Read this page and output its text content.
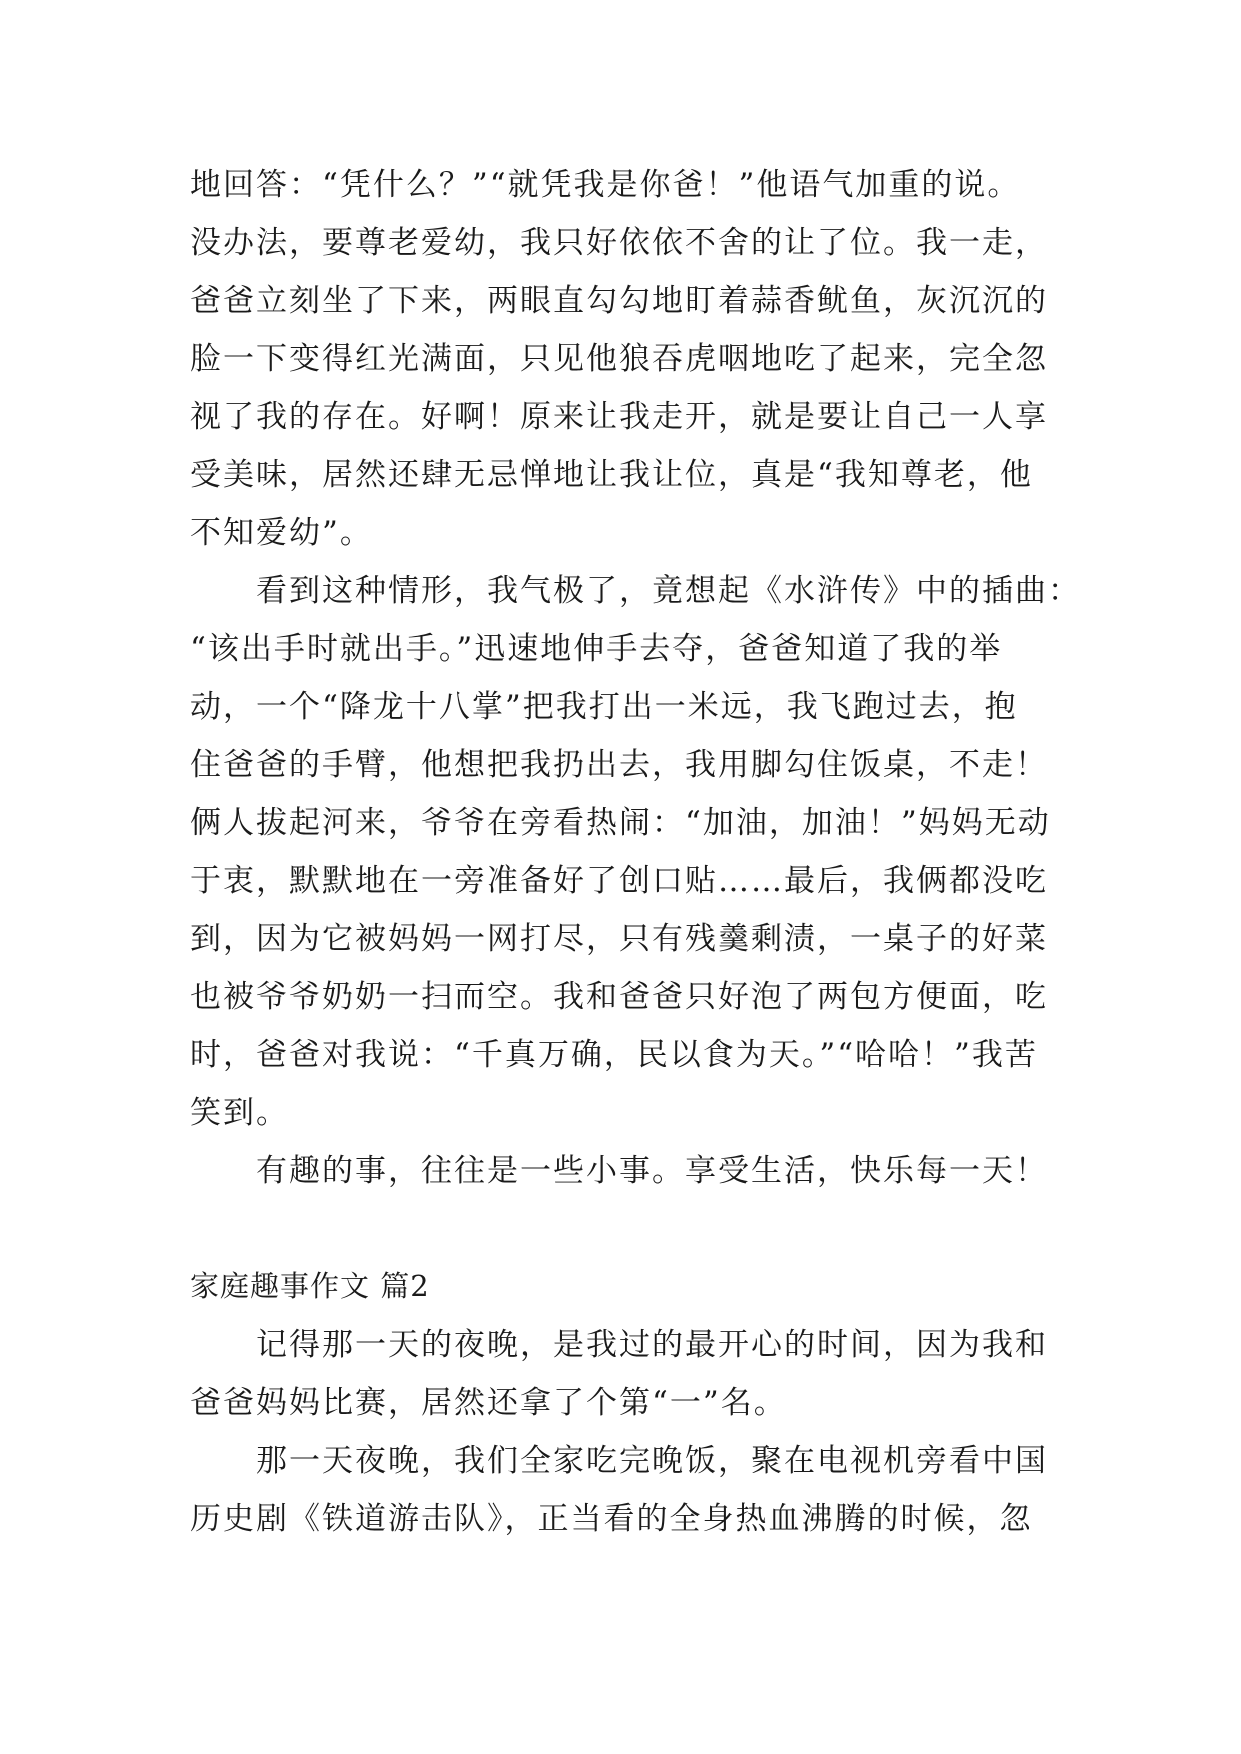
地回答：“凭什么？”“就凭我是你爸！”他语气加重的说。
没办法，要尊老爱幼，我只好依依不舍的让了位。我一走，
爸爸立刻坐了下来，两眼直勾勾地盯着蒜香鱿鱼，灰沉沉的
脸一下变得红光满面，只见他狼吞虎咽地吃了起来，完全忽
视了我的存在。好啊！原来让我走开，就是要让自己一人享
受美味，居然还肆无忌惮地让我让位，真是“我知尊老，他
不知爱幼”。
看到这种情形，我气极了，竟想起《水浒传》中的插曲：
“该出手时就出手。”迅速地伸手去夺，爸爸知道了我的举
动，一个“降龙十八掌”把我打出一米远，我飞跑过去，抱
住爸爸的手臂，他想把我扔出去，我用脚勾住饭桌，不走！
俩人拔起河来，爷爷在旁看热闹：“加油，加油！”妈妈无动
于衷，默默地在一旁准备好了创口贴……最后，我俩都没吃
到，因为它被妈妈一网打尽，只有残羹剩渍，一桌子的好菜
也被爷爷奶奶一扫而空。我和爸爸只好泡了两包方便面，吃
时，爸爸对我说：“千真万确，民以食为天。”“哈哈！”我苦
笑到。
有趣的事，往往是一些小事。享受生活，快乐每一天！
家庭趣事作文 篇2
记得那一天的夜晚，是我过的最开心的时间，因为我和
爸爸妈妈比赛，居然还拿了个第“一”名。
那一天夜晚，我们全家吃完晚饭，聚在电视机旁看中国
历史剧《铁道游击队》，正当看的全身热血沸腾的时候，忽
